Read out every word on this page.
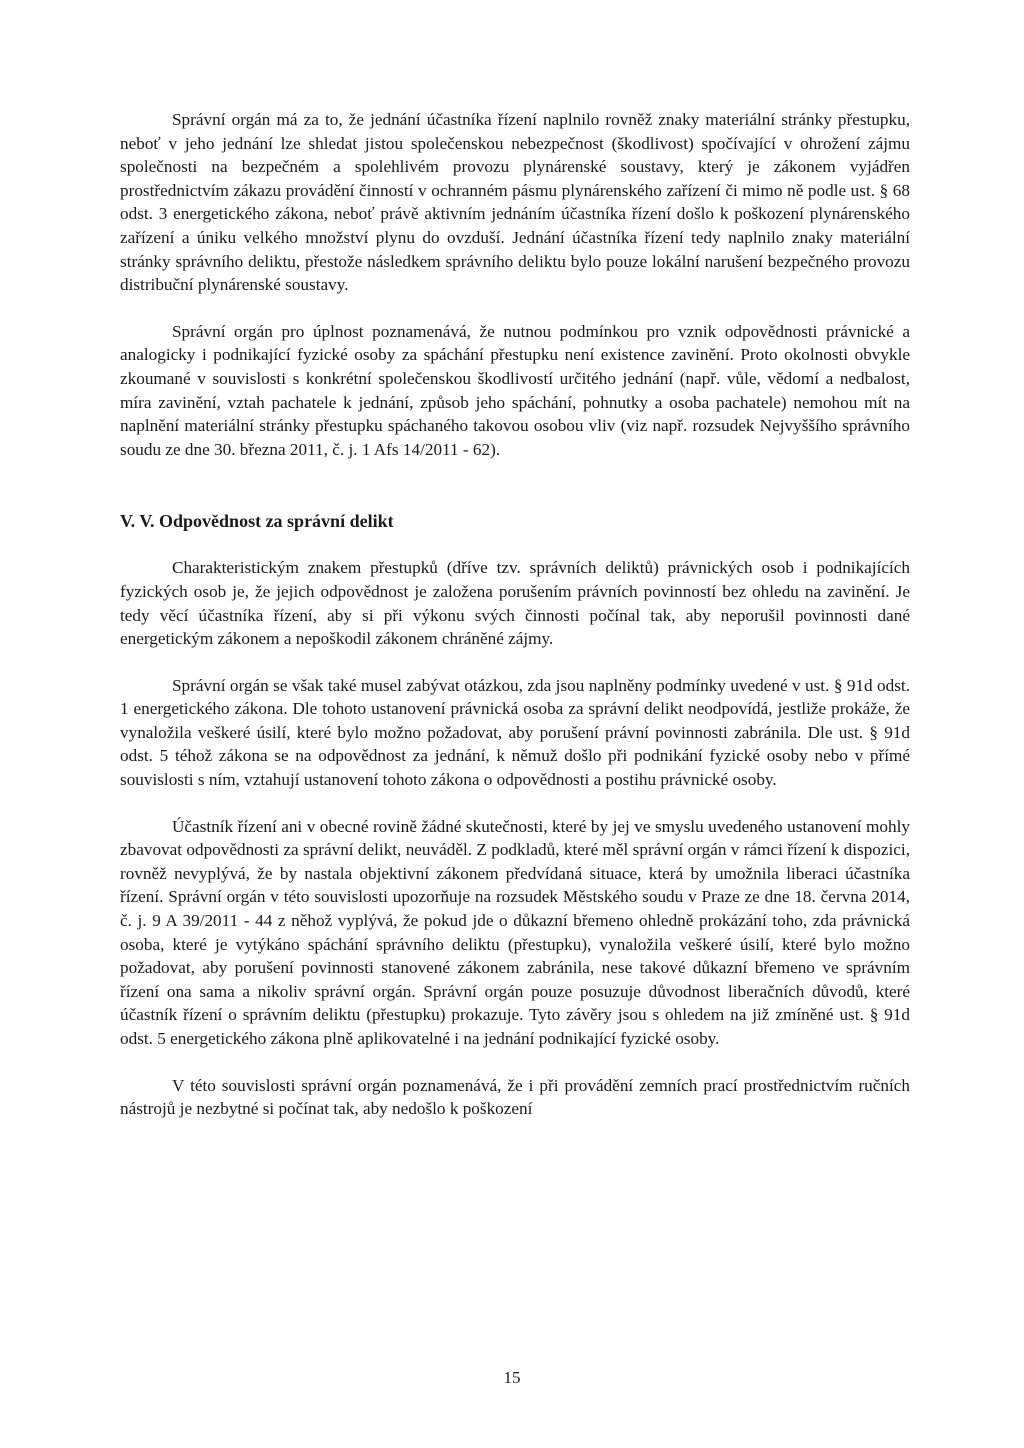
Správní orgán má za to, že jednání účastníka řízení naplnilo rovněž znaky materiální stránky přestupku, neboť v jeho jednání lze shledat jistou společenskou nebezpečnost (škodlivost) spočívající v ohrožení zájmu společnosti na bezpečném a spolehlivém provozu plynárenské soustavy, který je zákonem vyjádřen prostřednictvím zákazu provádění činností v ochranném pásmu plynárenského zařízení či mimo ně podle ust. § 68 odst. 3 energetického zákona, neboť právě aktivním jednáním účastníka řízení došlo k poškození plynárenského zařízení a úniku velkého množství plynu do ovzduší. Jednání účastníka řízení tedy naplnilo znaky materiální stránky správního deliktu, přestože následkem správního deliktu bylo pouze lokální narušení bezpečného provozu distribuční plynárenské soustavy.

Správní orgán pro úplnost poznamenává, že nutnou podmínkou pro vznik odpovědnosti právnické a analogicky i podnikající fyzické osoby za spáchání přestupku není existence zavinění. Proto okolnosti obvykle zkoumané v souvislosti s konkrétní společenskou škodlivostí určitého jednání (např. vůle, vědomí a nedbalost, míra zavinění, vztah pachatele k jednání, způsob jeho spáchání, pohnutky a osoba pachatele) nemohou mít na naplnění materiální stránky přestupku spáchaného takovou osobou vliv (viz např. rozsudek Nejvyššího správního soudu ze dne 30. března 2011, č. j. 1 Afs 14/2011 - 62).

V. V. Odpovědnost za správní delikt

Charakteristickým znakem přestupků (dříve tzv. správních deliktů) právnických osob i podnikajících fyzických osob je, že jejich odpovědnost je založena porušením právních povinností bez ohledu na zavinění. Je tedy věcí účastníka řízení, aby si při výkonu svých činnosti počínal tak, aby neporušil povinnosti dané energetickým zákonem a nepoškodil zákonem chráněné zájmy.

Správní orgán se však také musel zabývat otázkou, zda jsou naplněny podmínky uvedené v ust. § 91d odst. 1 energetického zákona. Dle tohoto ustanovení právnická osoba za správní delikt neodpovídá, jestliže prokáže, že vynaložila veškeré úsilí, které bylo možno požadovat, aby porušení právní povinnosti zabránila. Dle ust. § 91d odst. 5 téhož zákona se na odpovědnost za jednání, k němuž došlo při podnikání fyzické osoby nebo v přímé souvislosti s ním, vztahují ustanovení tohoto zákona o odpovědnosti a postihu právnické osoby.

Účastník řízení ani v obecné rovině žádné skutečnosti, které by jej ve smyslu uvedeného ustanovení mohly zbavovat odpovědnosti za správní delikt, neuváděl. Z podkladů, které měl správní orgán v rámci řízení k dispozici, rovněž nevyplývá, že by nastala objektivní zákonem předvídaná situace, která by umožnila liberaci účastníka řízení. Správní orgán v této souvislosti upozorňuje na rozsudek Městského soudu v Praze ze dne 18. června 2014, č. j. 9 A 39/2011 - 44 z něhož vyplývá, že pokud jde o důkazní břemeno ohledně prokázání toho, zda právnická osoba, které je vytýkáno spáchání správního deliktu (přestupku), vynaložila veškeré úsilí, které bylo možno požadovat, aby porušení povinnosti stanovené zákonem zabránila, nese takové důkazní břemeno ve správním řízení ona sama a nikoliv správní orgán. Správní orgán pouze posuzuje důvodnost liberačních důvodů, které účastník řízení o správním deliktu (přestupku) prokazuje. Tyto závěry jsou s ohledem na již zmíněné ust. § 91d odst. 5 energetického zákona plně aplikovatelné i na jednání podnikající fyzické osoby.

V této souvislosti správní orgán poznamenává, že i při provádění zemních prací prostřednictvím ručních nástrojů je nezbytné si počínat tak, aby nedošlo k poškození

15
